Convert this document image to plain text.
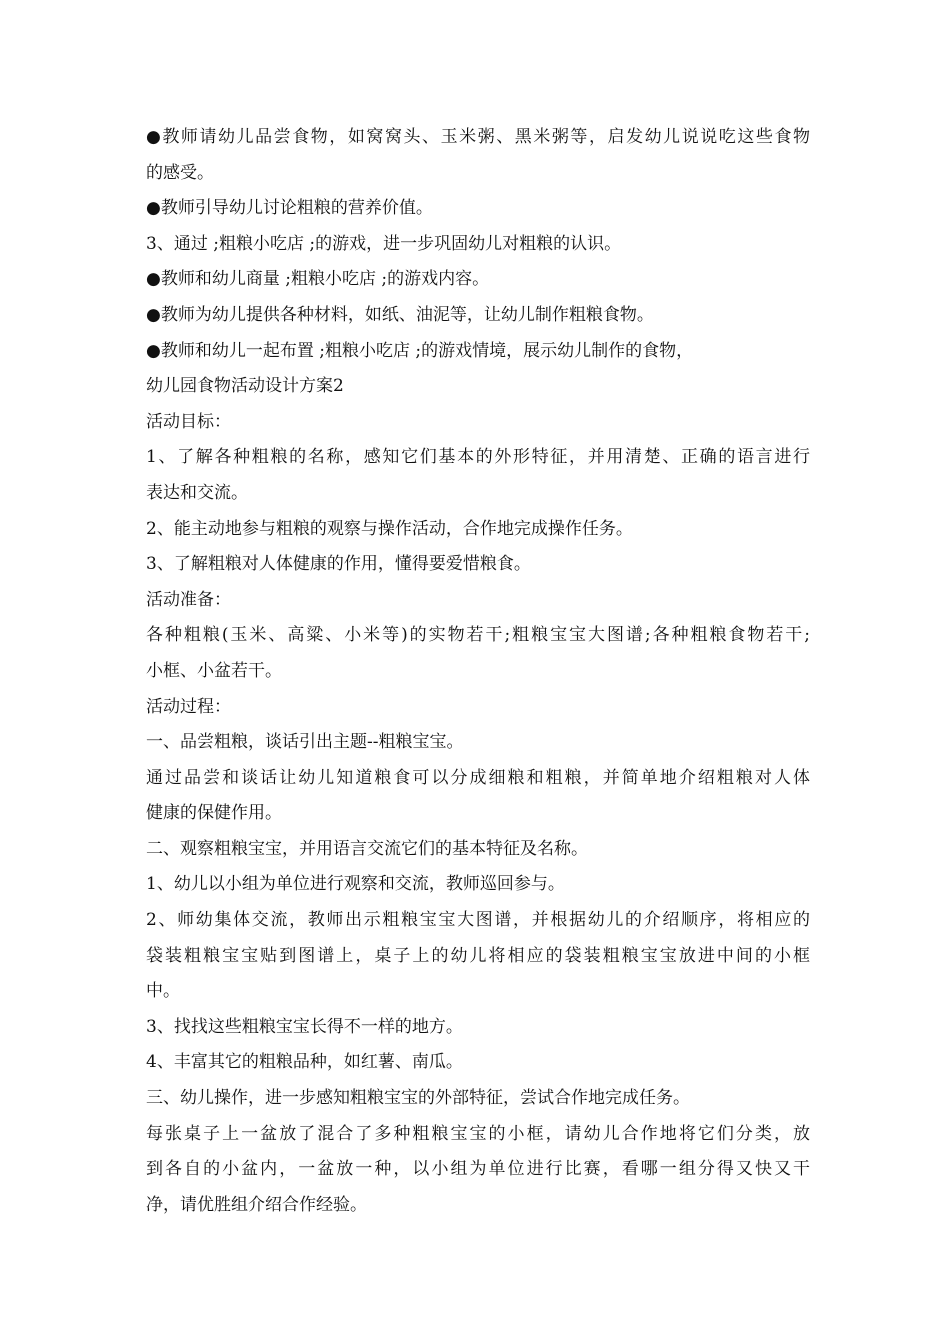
●教师请幼儿品尝食物，如窝窝头、玉米粥、黑米粥等，启发幼儿说说吃这些食物
的感受。
●教师引导幼儿讨论粗粮的营养价值。
3、通过 ;粗粮小吃店 ;的游戏，进一步巩固幼儿对粗粮的认识。
●教师和幼儿商量 ;粗粮小吃店 ;的游戏内容。
●教师为幼儿提供各种材料，如纸、油泥等，让幼儿制作粗粮食物。
●教师和幼儿一起布置 ;粗粮小吃店 ;的游戏情境，展示幼儿制作的食物，
幼儿园食物活动设计方案2
活动目标：
1、了解各种粗粮的名称，感知它们基本的外形特征，并用清楚、正确的语言进行
表达和交流。
2、能主动地参与粗粮的观察与操作活动，合作地完成操作任务。
3、了解粗粮对人体健康的作用，懂得要爱惜粮食。
活动准备：
各种粗粮(玉米、高粱、小米等)的实物若干;粗粮宝宝大图谱;各种粗粮食物若干;
小框、小盆若干。
活动过程：
一、品尝粗粮，谈话引出主题--粗粮宝宝。
通过品尝和谈话让幼儿知道粮食可以分成细粮和粗粮，并简单地介绍粗粮对人体
健康的保健作用。
二、观察粗粮宝宝，并用语言交流它们的基本特征及名称。
1、幼儿以小组为单位进行观察和交流，教师巡回参与。
2、师幼集体交流，教师出示粗粮宝宝大图谱，并根据幼儿的介绍顺序，将相应的
袋装粗粮宝宝贴到图谱上，桌子上的幼儿将相应的袋装粗粮宝宝放进中间的小框
中。
3、找找这些粗粮宝宝长得不一样的地方。
4、丰富其它的粗粮品种，如红薯、南瓜。
三、幼儿操作，进一步感知粗粮宝宝的外部特征，尝试合作地完成任务。
每张桌子上一盆放了混合了多种粗粮宝宝的小框，请幼儿合作地将它们分类，放
到各自的小盆内，一盆放一种，以小组为单位进行比赛，看哪一组分得又快又干
净，请优胜组介绍合作经验。
